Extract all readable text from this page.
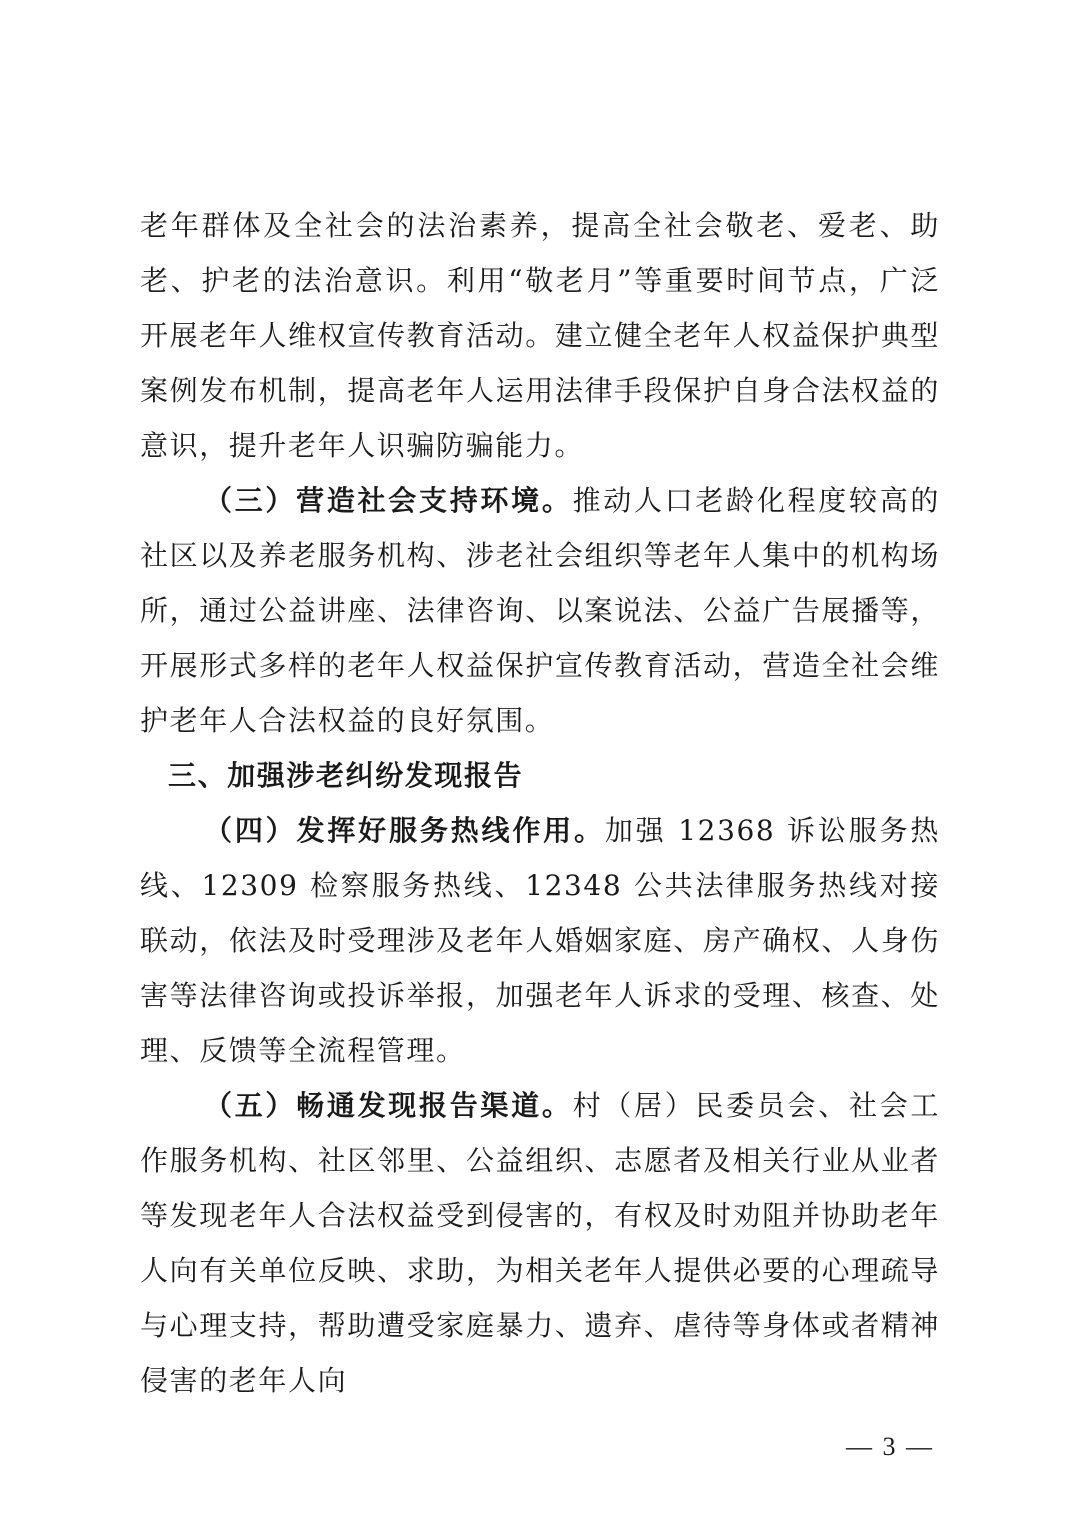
老年群体及全社会的法治素养，提高全社会敬老、爱老、助老、护老的法治意识。利用“敬老月”等重要时间节点，广泛开展老年人维权宣传教育活动。建立健全老年人权益保护典型案例发布机制，提高老年人运用法律手段保护自身合法权益的意识，提升老年人识骗防骗能力。

（三）营造社会支持环境。推动人口老龄化程度较高的社区以及养老服务机构、涉老社会组织等老年人集中的机构场所，通过公益讲座、法律咨询、以案说法、公益广告展播等，开展形式多样的老年人权益保护宣传教育活动，营造全社会维护老年人合法权益的良好氛围。

三、加强涉老纠纷发现报告

（四）发挥好服务热线作用。加强 12368 诉讼服务热线、12309 检察服务热线、12348 公共法律服务热线对接联动，依法及时受理涉及老年人婚姻家庭、房产确权、人身伤害等法律咨询或投诉举报，加强老年人诉求的受理、核查、处理、反馈等全流程管理。

（五）畅通发现报告渠道。村（居）民委员会、社会工作服务机构、社区邻里、公益组织、志愿者及相关行业从业者等发现老年人合法权益受到侵害的，有权及时劝阻并协助老年人向有关单位反映、求助，为相关老年人提供必要的心理疏导与心理支持，帮助遭受家庭暴力、遗弃、虐待等身体或者精神侵害的老年人向

— 3 —
